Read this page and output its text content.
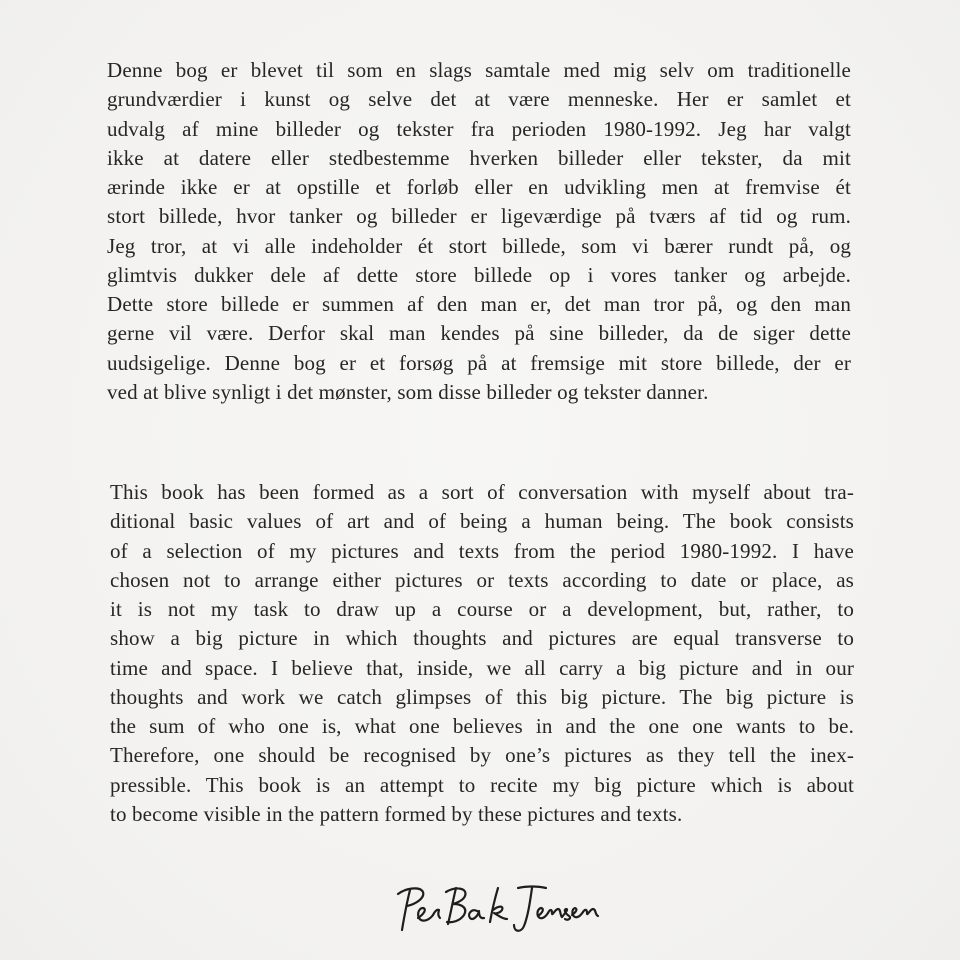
Denne bog er blevet til som en slags samtale med mig selv om traditionelle
grundværdier i kunst og selve det at være menneske. Her er samlet et
udvalg af mine billeder og tekster fra perioden 1980-1992. Jeg har valgt
ikke at datere eller stedbestemme hverken billeder eller tekster, da mit
ærinde ikke er at opstille et forløb eller en udvikling men at fremvise ét
stort billede, hvor tanker og billeder er ligeværdige på tværs af tid og rum.
Jeg tror, at vi alle indeholder ét stort billede, som vi bærer rundt på, og
glimtvis dukker dele af dette store billede op i vores tanker og arbejde.
Dette store billede er summen af den man er, det man tror på, og den man
gerne vil være. Derfor skal man kendes på sine billeder, da de siger dette
uudsigelige. Denne bog er et forsøg på at fremsige mit store billede, der er
ved at blive synligt i det mønster, som disse billeder og tekster danner.
This book has been formed as a sort of conversation with myself about tra-
ditional basic values of art and of being a human being. The book consists
of a selection of my pictures and texts from the period 1980-1992. I have
chosen not to arrange either pictures or texts according to date or place, as
it is not my task to draw up a course or a development, but, rather, to
show a big picture in which thoughts and pictures are equal transverse to
time and space. I believe that, inside, we all carry a big picture and in our
thoughts and work we catch glimpses of this big picture. The big picture is
the sum of who one is, what one believes in and the one one wants to be.
Therefore, one should be recognised by one’s pictures as they tell the inex-
pressible. This book is an attempt to recite my big picture which is about
to become visible in the pattern formed by these pictures and texts.
